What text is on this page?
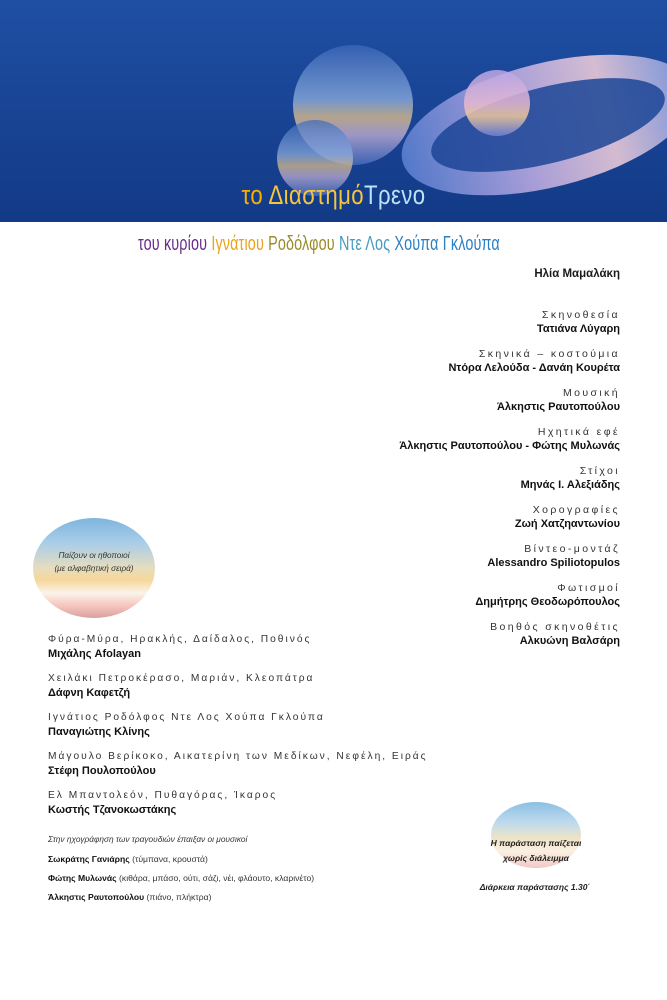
το ΔιαστημόΤρενο
του κυρίου Ιγνάτιου Ροδόλφου Ντε Λος Χούπα Γκλούπα
Ηλία Μαμαλάκη
Σκηνοθεσία
Τατιάνα Λύγαρη
Σκηνικά – κοστούμια
Ντόρα Λελούδα - Δανάη Κουρέτα
Μουσική
Άλκηστις Ραυτοπούλου
Ηχητικά εφέ
Άλκηστις Ραυτοπούλου - Φώτης Μυλωνάς
Στίχοι
Μηνάς Ι. Αλεξιάδης
Χορογραφίες
Ζωή Χατζηαντωνίου
Βίντεο-μοντάζ
Alessandro Spiliotopulos
Φωτισμοί
Δημήτρης Θεοδωρόπουλος
Βοηθός σκηνοθέτις
Αλκυώνη Βαλσάρη
Παίζουν οι ηθοποιοί
(με αλφαβητική σειρά)
Φύρα-Μύρα, Ηρακλής, Δαίδαλος, Ποθινός
Μιχάλης Afolayan
Χειλάκι Πετροκέρασο, Μαριάν, Κλεοπάτρα
Δάφνη Καφετζή
Ιγνάτιος Ροδόλφος Ντε Λος Χούπα Γκλούπα
Παναγιώτης Κλίνης
Μάγουλο Βερίκοκο, Αικατερίνη των Μεδίκων, Νεφέλη, Ειράς
Στέφη Πουλοπούλου
Ελ Μπαντολεόν, Πυθαγόρας, Ίκαρος
Κωστής Τζανοκωστάκης
Στην ηχογράφηση των τραγουδιών έπαιξαν οι μουσικοί
Σωκράτης Γανιάρης (τύμπανα, κρουστά)
Φώτης Μυλωνάς (κιθάρα, μπάσο, ούτι, σάζι, νέι, φλάουτο, κλαρινέτο)
Άλκηστις Ραυτοπούλου (πιάνο, πλήκτρα)
Η παράσταση παίζεται
χωρίς διάλειμμα
Διάρκεια παράστασης 1.30΄
